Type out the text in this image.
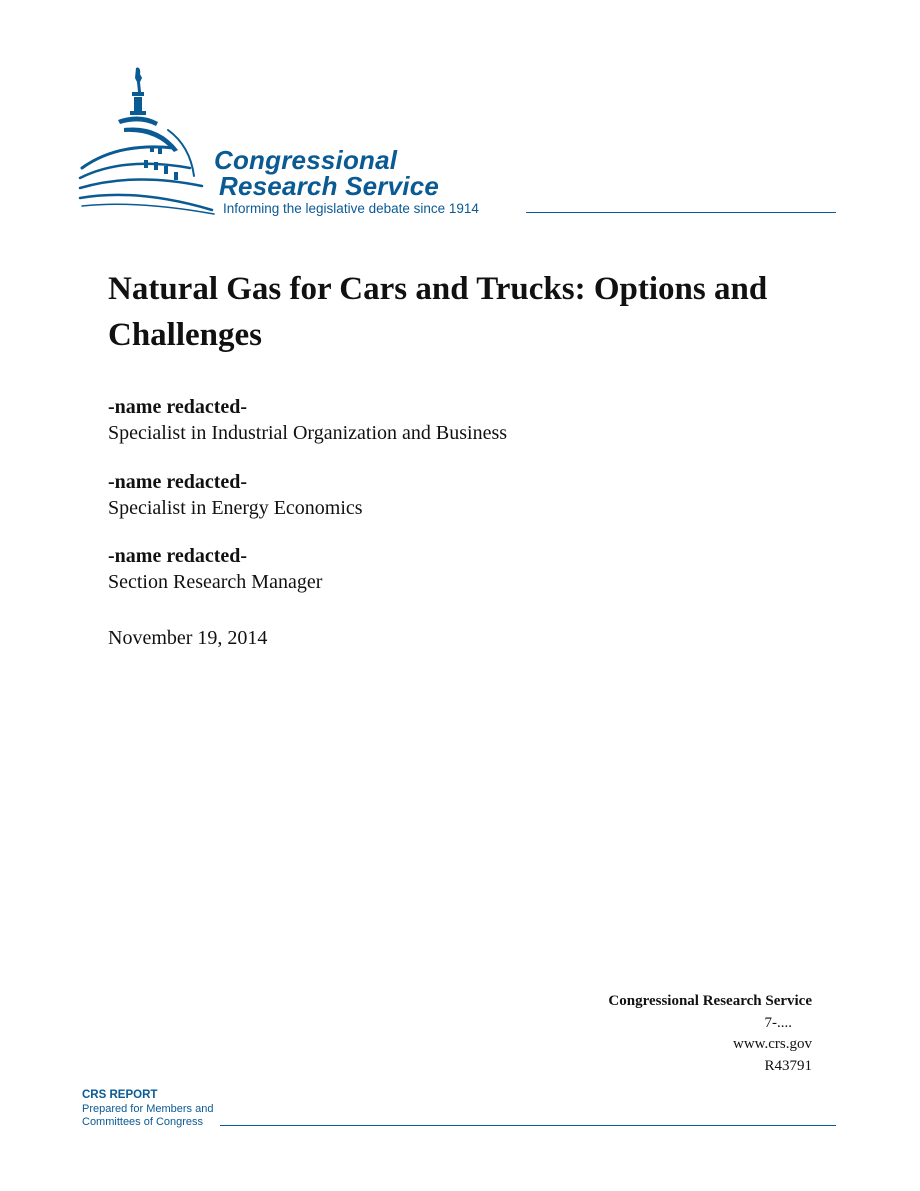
Congressional
Research Service
Informing the legislative debate since 1914
Natural Gas for Cars and Trucks: Options and Challenges
-name redacted-
Specialist in Industrial Organization and Business
-name redacted-
Specialist in Energy Economics
-name redacted-
Section Research Manager
November 19, 2014
Congressional Research Service
7-....
www.crs.gov
R43791
CRS REPORT
Prepared for Members and
Committees of Congress
